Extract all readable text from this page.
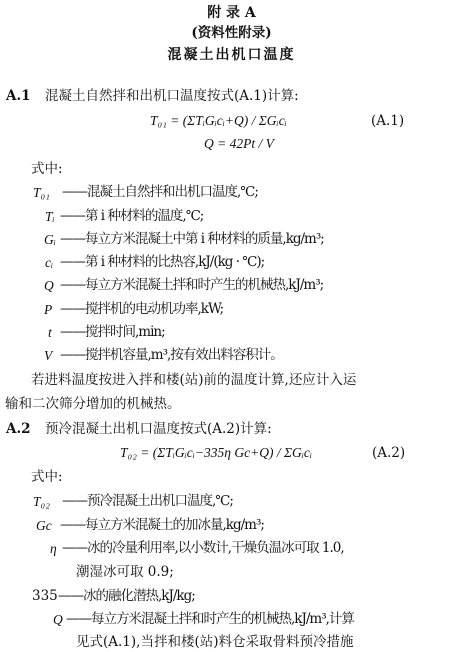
附 录 A
(资料性附录)
混凝土出机口温度
A.1 混凝土自然拌和出机口温度按式(A.1)计算:
T₀₁ = (ΣTᵢGᵢcᵢ+Q) / ΣGᵢcᵢ	(A.1)
Q = 42Pt / V
式中:
T₀₁ ——混凝土自然拌和出机口温度,℃;
Tᵢ ——第 i 种材料的温度,℃;
Gᵢ ——每立方米混凝土中第 i 种材料的质量,kg/m³;
cᵢ ——第 i 种材料的比热容,kJ/(kg · ℃);
Q ——每立方米混凝土拌和时产生的机械热,kJ/m³;
P ——搅拌机的电动机功率,kW;
t ——搅拌时间,min;
V ——搅拌机容量,m³,按有效出料容积计。
若进料温度按进入拌和楼(站)前的温度计算,还应计入运
输和二次筛分增加的机械热。
A.2 预冷混凝土出机口温度按式(A.2)计算:
T₀₂ = (ΣTᵢGᵢcᵢ−335η Gc+Q) / ΣGᵢcᵢ	(A.2)
式中:
T₀₂ ——预冷混凝土出机口温度,℃;
Gc ——每立方米混凝土的加冰量,kg/m³;
η ——冰的冷量利用率,以小数计,干燥负温冰可取 1.0,
潮湿冰可取 0.9;
335 ——冰的融化潜热,kJ/kg;
Q ——每立方米混凝土拌和时产生的机械热,kJ/m³,计算
见式(A.1),当拌和楼(站)料仓采取骨料预冷措施
